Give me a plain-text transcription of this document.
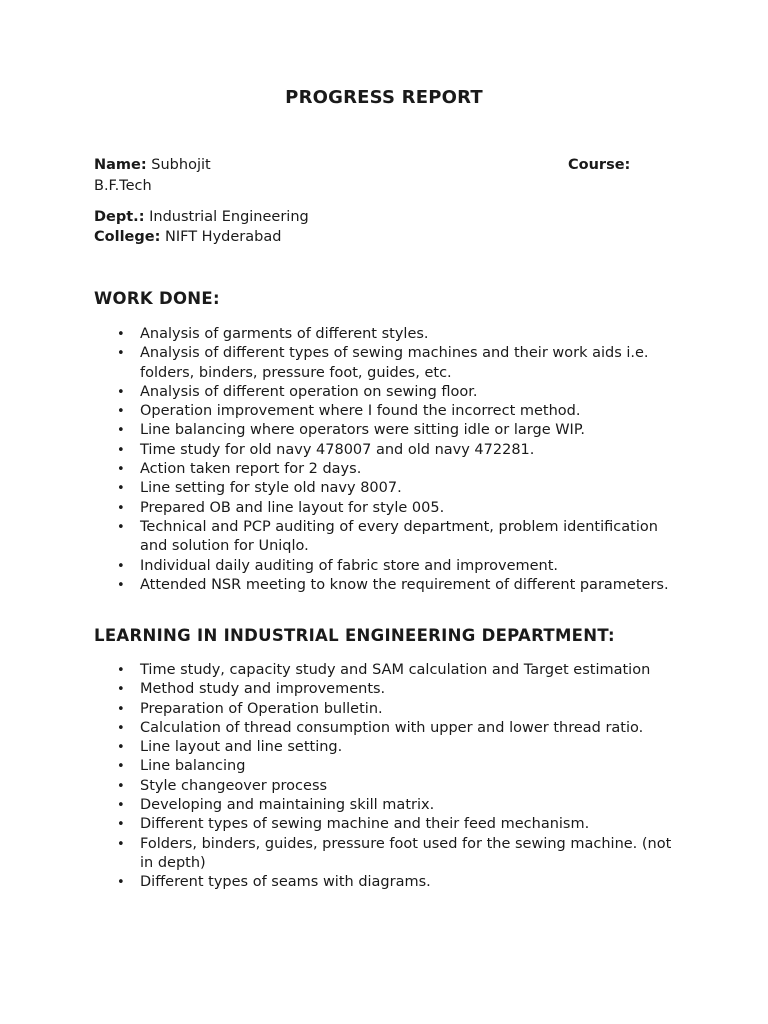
PROGRESS REPORT
Name: Subhojit	Course:
B.F.Tech
Dept.: Industrial Engineering
College: NIFT Hyderabad
WORK DONE:
• Analysis of garments of different styles.
• Analysis of different types of sewing machines and their work aids i.e. folders, binders, pressure foot, guides, etc.
• Analysis of different operation on sewing floor.
• Operation improvement where I found the incorrect method.
• Line balancing where operators were sitting idle or large WIP.
• Time study for old navy 478007 and old navy 472281.
• Action taken report for 2 days.
• Line setting for style old navy 8007.
• Prepared OB and line layout for style 005.
• Technical and PCP auditing of every department, problem identification and solution for Uniqlo.
• Individual daily auditing of fabric store and improvement.
• Attended NSR meeting to know the requirement of different parameters.
LEARNING IN INDUSTRIAL ENGINEERING DEPARTMENT:
• Time study, capacity study and SAM calculation and Target estimation
• Method study and improvements.
• Preparation of Operation bulletin.
• Calculation of thread consumption with upper and lower thread ratio.
• Line layout and line setting.
• Line balancing
• Style changeover process
• Developing and maintaining skill matrix.
• Different types of sewing machine and their feed mechanism.
• Folders, binders, guides, pressure foot used for the sewing machine. (not in depth)
• Different types of seams with diagrams.
